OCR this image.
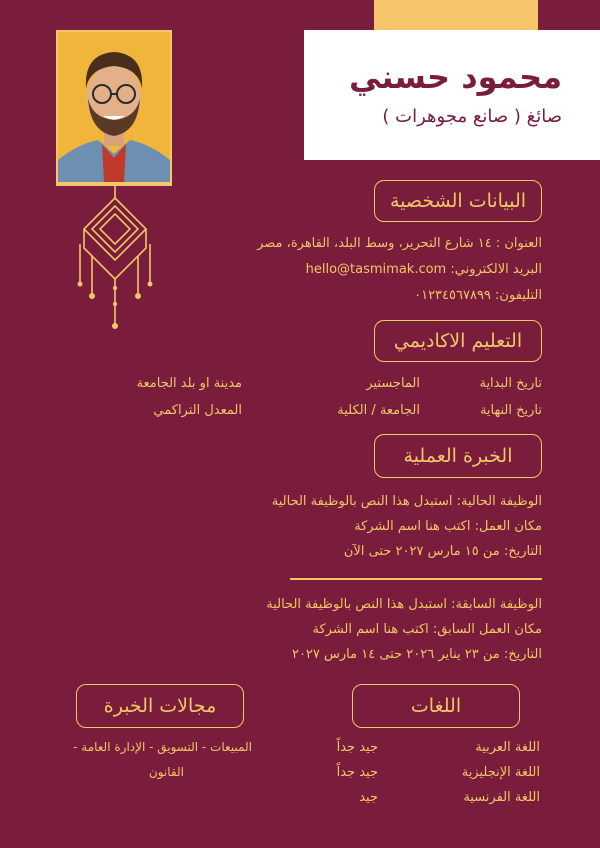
محمود حسني
صائغ ( صانع مجوهرات )
البيانات الشخصية
العنوان : ١٤ شارع التحرير، وسط البلد، القاهرة، مصر
البريد الالكتروني: hello@tasmimak.com
التليفون: ٠١٢٣٤٥٦٧٨٩٩
التعليم الاكاديمي
تاريخ البداية
الماجستير
مدينة او بلد الجامعة
تاريخ النهاية
الجامعة / الكلية
المعدل التراكمي
الخبرة العملية
الوظيفة الحالية: استبدل هذا النص بالوظيفة الحالية
مكان العمل: اكتب هنا اسم الشركة
التاريخ: من ١٥ مارس ٢٠٢٧ حتى الآن
الوظيفة السابقة: استبدل هذا النص بالوظيفة الحالية
مكان العمل السابق: اكتب هنا اسم الشركة
التاريخ: من ٢٣ يناير ٢٠٢٦ حتى ١٤ مارس ٢٠٢٧
اللغات
اللغة العربية
جيد جداً
اللغة الإنجليزية
جيد جداً
اللغة الفرنسية
جيد
مجالات الخبرة
المبيعات - التسويق - الإدارة العامة -
القانون
